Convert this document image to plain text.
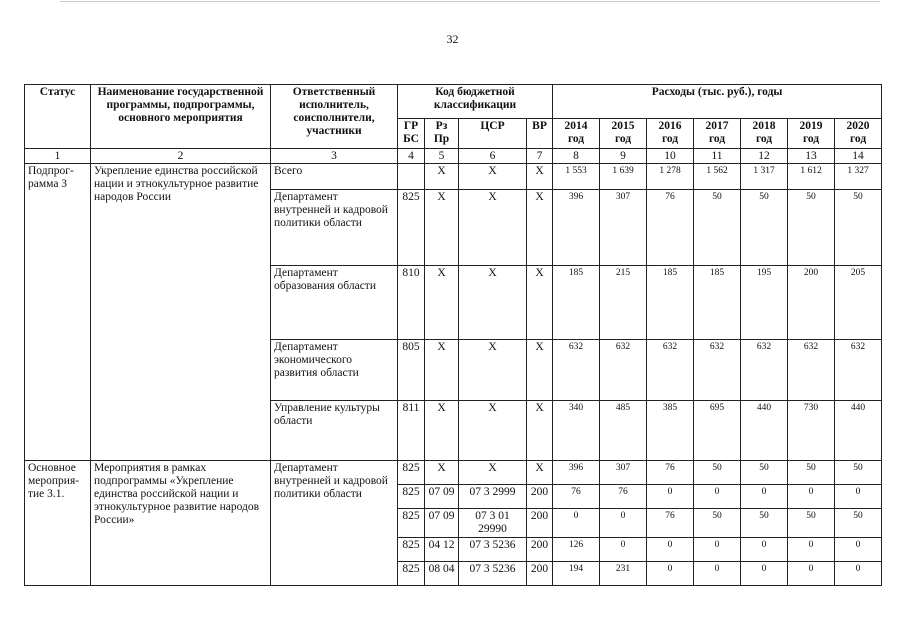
32
Статус	Наименование государственной программы, подпрограммы, основного мероприятия	Ответственный исполнитель, соисполнители, участники	Код бюджетной классификации				Расходы (тыс. руб.), годы						
			ГР БС	Рз Пр	ЦСР	ВР	2014 год	2015 год	2016 год	2017 год	2018 год	2019 год	2020 год
1	2	3	4	5	6	7	8	9	10	11	12	13	14
Подпрог-рамма 3	Укрепление единства российской нации и этнокультурное развитие народов России	Всего		Х	Х	Х	1 553	1 639	1 278	1 562	1 317	1 612	1 327
		Департамент внутренней и кадровой политики области	825	Х	Х	Х	396	307	76	50	50	50	50
		Департамент образования области	810	Х	Х	Х	185	215	185	185	195	200	205
		Департамент экономического развития области	805	Х	Х	Х	632	632	632	632	632	632	632
		Управление культуры области	811	Х	Х	Х	340	485	385	695	440	730	440
Основное мероприя-тие 3.1.	Мероприятия в рамках подпрограммы «Укрепление единства российской нации и этнокультурное развитие народов России»	Департамент внутренней и кадровой политики области	825	Х	Х	Х	396	307	76	50	50	50	50
			825	07 09	07 3 2999	200	76	76	0	0	0	0	0
			825	07 09	07 3 01 29990	200	0	0	76	50	50	50	50
			825	04 12	07 3 5236	200	126	0	0	0	0	0	0
			825	08 04	07 3 5236	200	194	231	0	0	0	0	0
